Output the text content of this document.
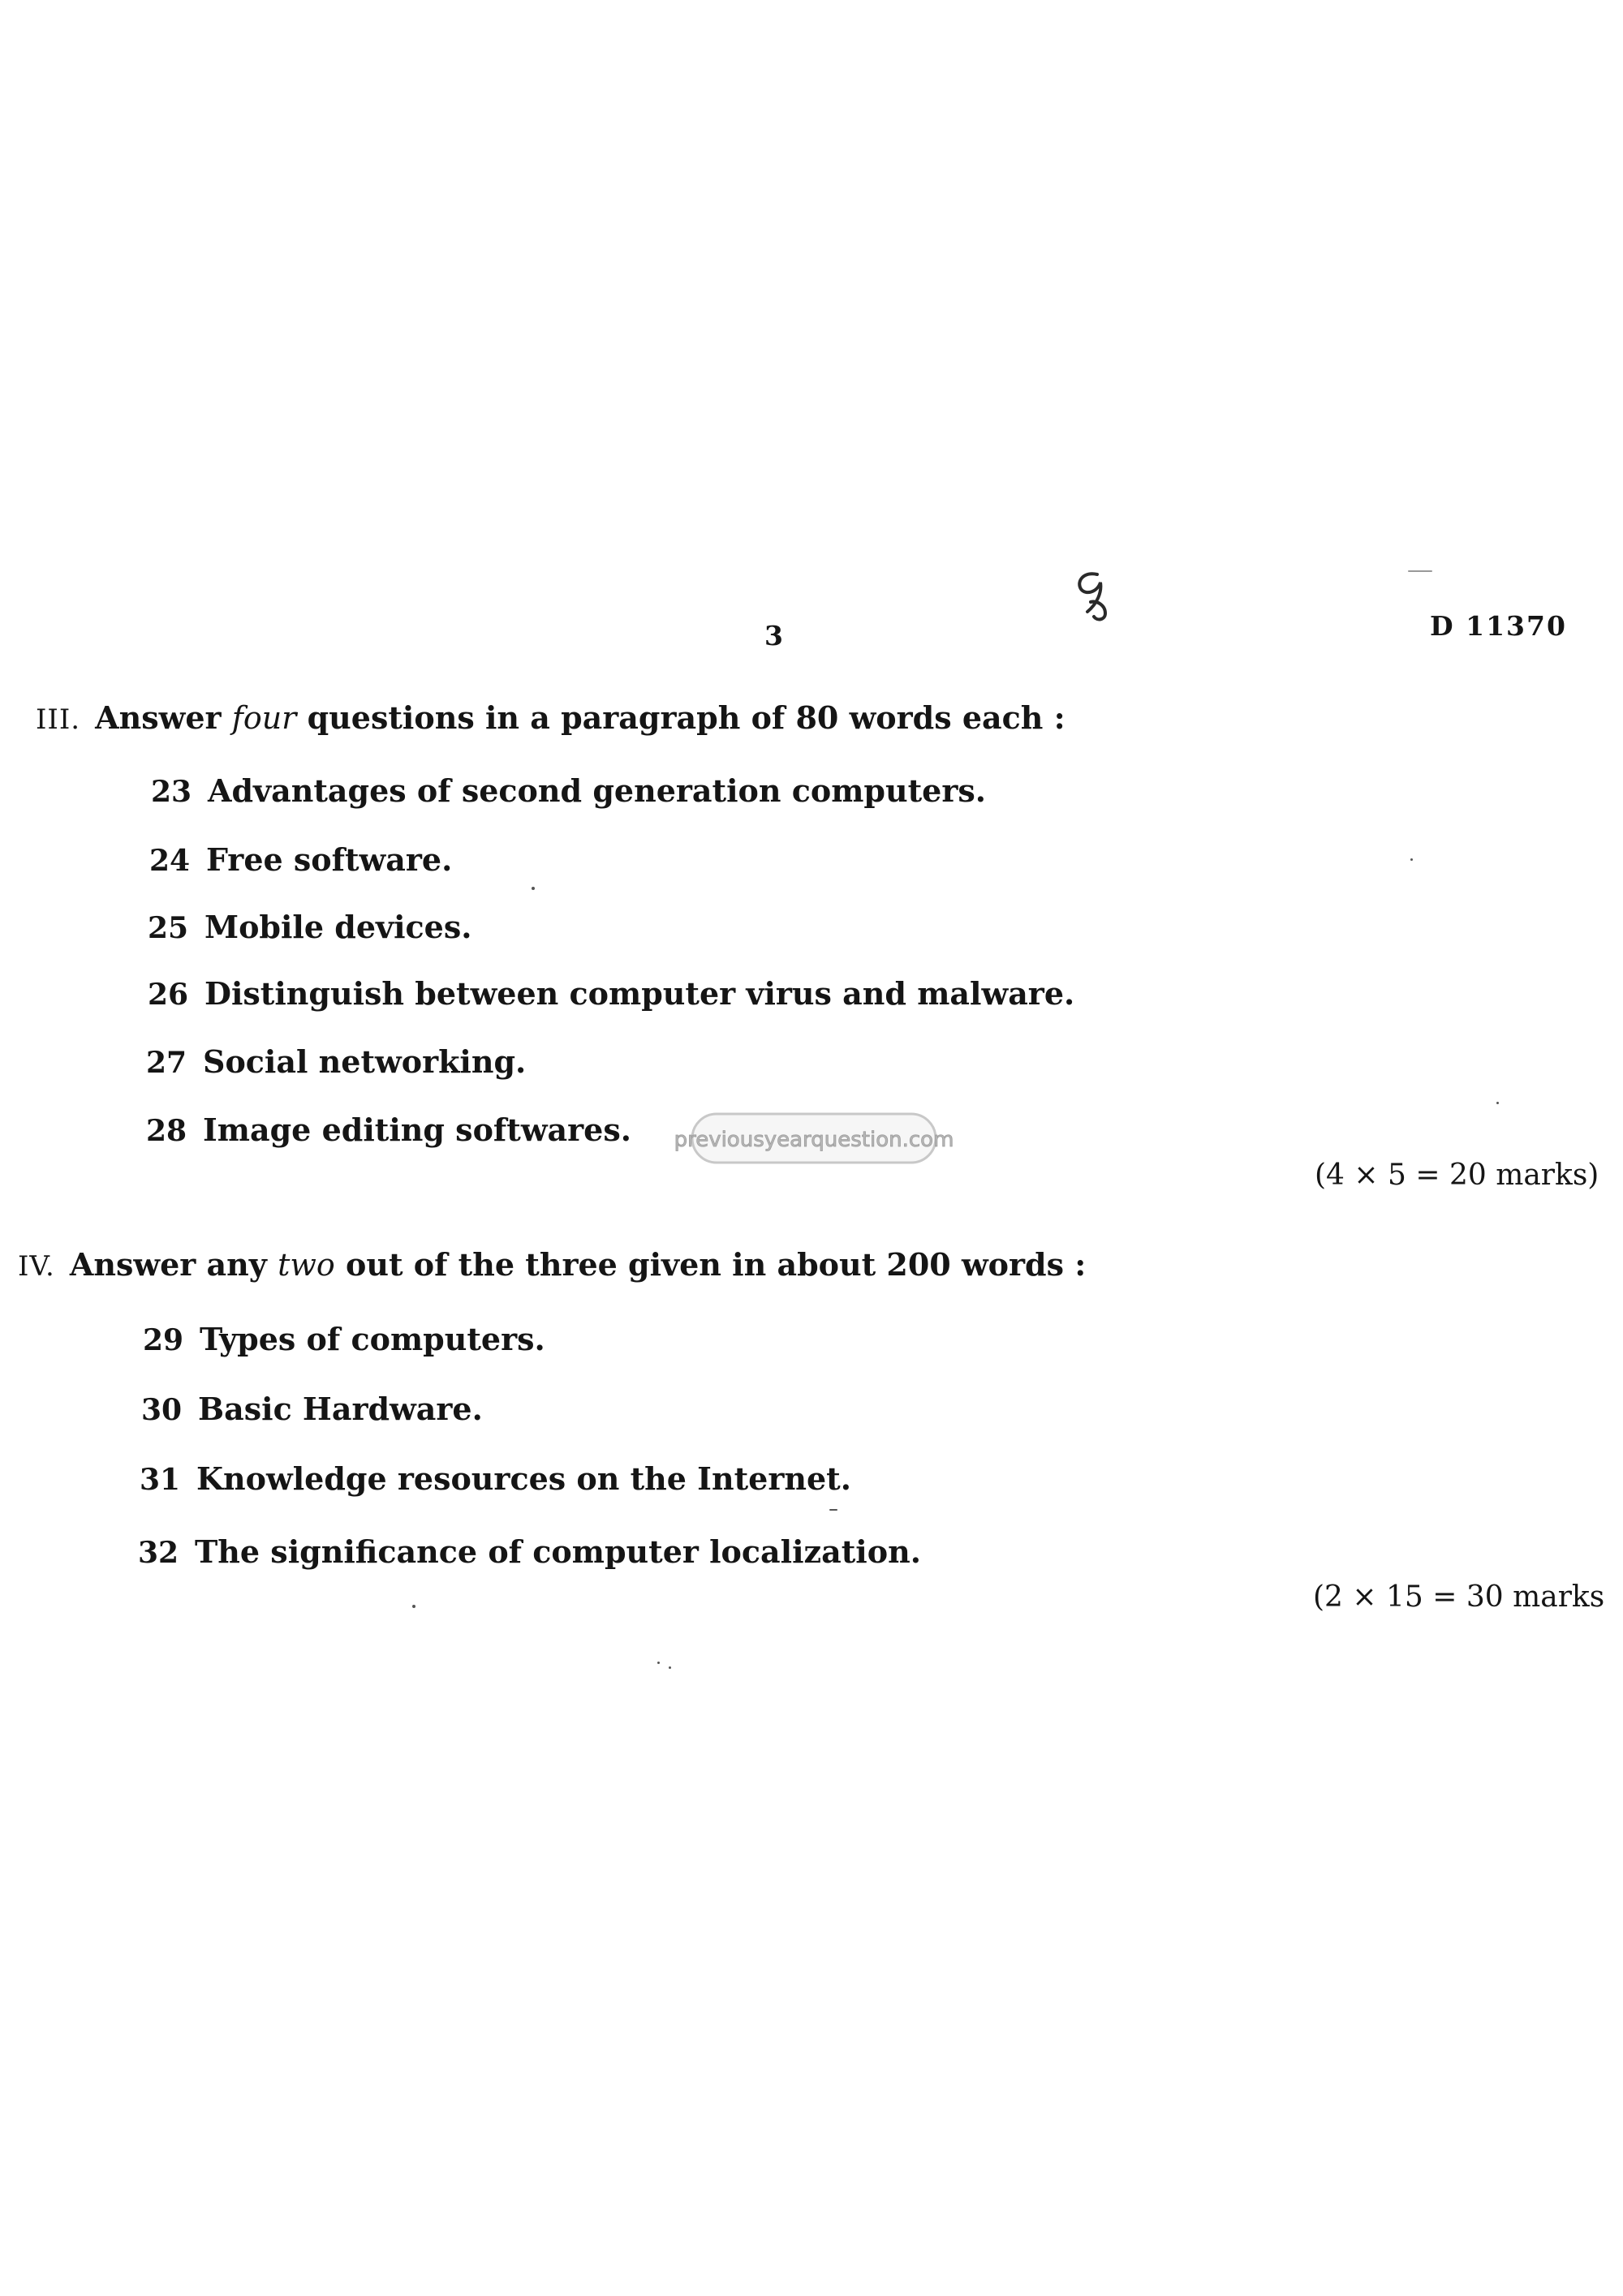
3	D 11370
III. Answer four questions in a paragraph of 80 words each :
23 Advantages of second generation computers.
24 Free software.
25 Mobile devices.
26 Distinguish between computer virus and malware.
27 Social networking.
28 Image editing softwares. previousyearquestion.com
(4 × 5 = 20 marks)
IV. Answer any two out of the three given in about 200 words :
29 Types of computers.
30 Basic Hardware.
31 Knowledge resources on the Internet.
32 The significance of computer localization.
(2 × 15 = 30 marks
